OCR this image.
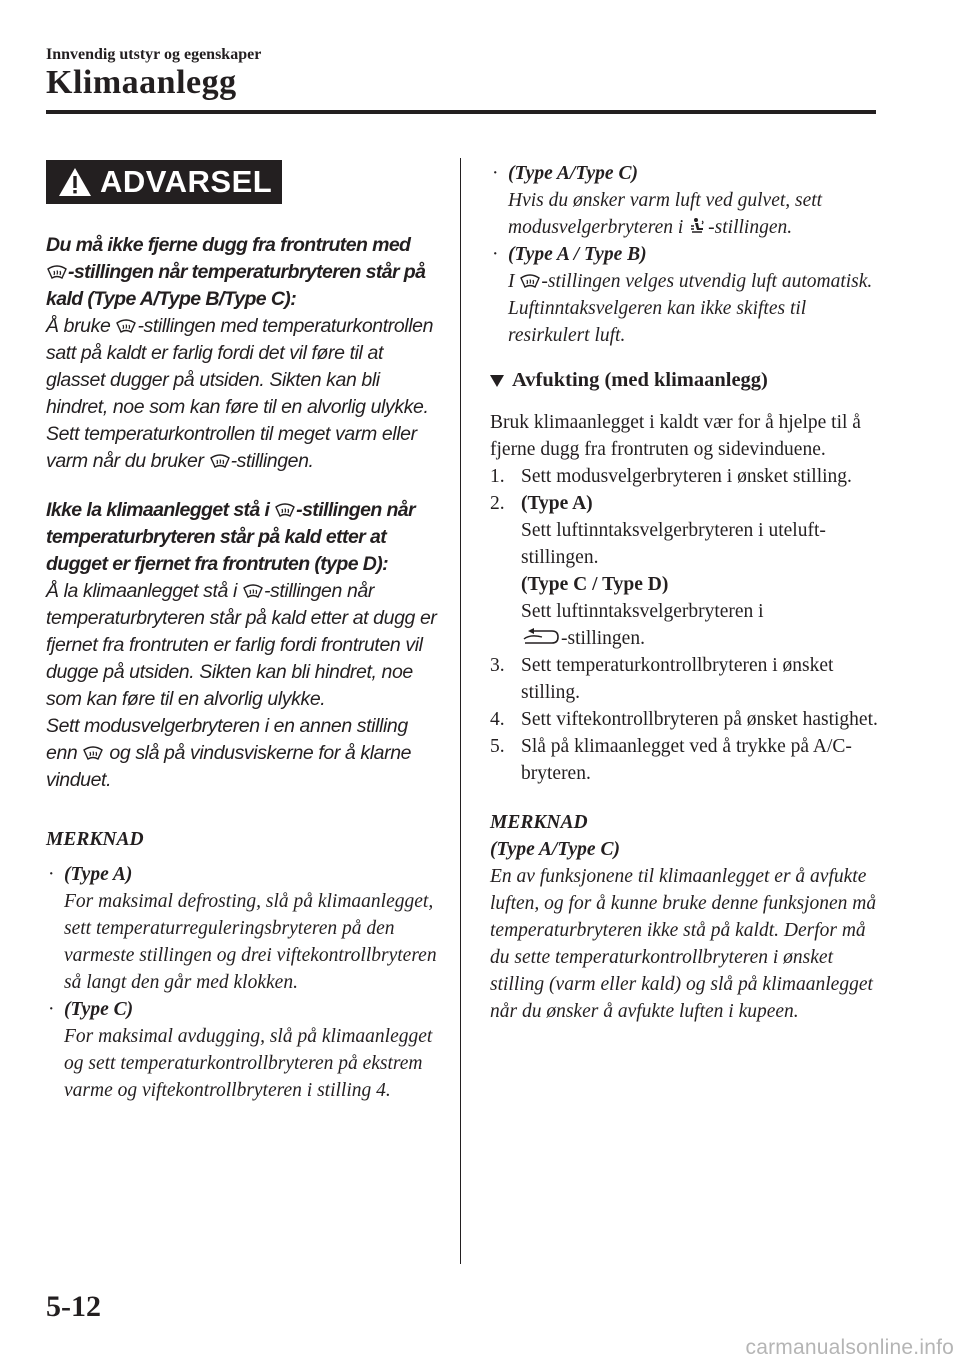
Innvendig utstyr og egenskaper
Klimaanlegg
ADVARSEL

Du må ikke fjerne dugg fra frontruten med
-stillingen når temperaturbryteren står på kald (Type A/Type B/Type C):

Å bruke -stillingen med temperaturkontrollen satt på kaldt er farlig fordi det vil føre til at glasset dugger på utsiden. Sikten kan bli hindret, noe som kan føre til en alvorlig ulykke. Sett temperaturkontrollen til meget varm eller varm når du bruker -stillingen.

Ikke la klimaanlegget stå i -stillingen når temperaturbryteren står på kald etter at dugget er fjernet fra frontruten (type D):

Å la klimaanlegget stå i -stillingen når temperaturbryteren står på kald etter at dugg er fjernet fra frontruten er farlig fordi frontruten vil dugge på utsiden. Sikten kan bli hindret, noe som kan føre til en alvorlig ulykke.
Sett modusvelgerbryteren i en annen stilling enn og slå på vindusviskerne for å klarne vinduet.

MERKNAD

· (Type A)
For maksimal defrosting, slå på klimaanlegget, sett temperaturreguleringsbryteren på den varmeste stillingen og drei viftekontrollbryteren så langt den går med klokken.
· (Type C)
For maksimal avdugging, slå på klimaanlegget og sett temperaturkontrollbryteren på ekstrem varme og viftekontrollbryteren i stilling 4.
· (Type A/Type C)
Hvis du ønsker varm luft ved gulvet, sett modusvelgerbryteren i -stillingen.
· (Type A / Type B)
I -stillingen velges utvendig luft automatisk. Luftinntaksvelgeren kan ikke skiftes til resirkulert luft.

Avfukting (med klimaanlegg)

Bruk klimaanlegget i kaldt vær for å hjelpe til å fjerne dugg fra frontruten og sidevinduene.

1. Sett modusvelgerbryteren i ønsket stilling.
2. (Type A)
Sett luftinntaksvelgerbryteren i uteluft-stillingen.
(Type C / Type D)
Sett luftinntaksvelgerbryteren i
-stillingen.
3. Sett temperaturkontrollbryteren i ønsket stilling.
4. Sett viftekontrollbryteren på ønsket hastighet.
5. Slå på klimaanlegget ved å trykke på A/C-bryteren.

MERKNAD

(Type A/Type C)

En av funksjonene til klimaanlegget er å avfukte luften, og for å kunne bruke denne funksjonen må temperaturbryteren ikke stå på kaldt. Derfor må du sette temperaturkontrollbryteren i ønsket stilling (varm eller kald) og slå på klimaanlegget når du ønsker å avfukte luften i kupeen.

5-12
carmanualsonline.info
